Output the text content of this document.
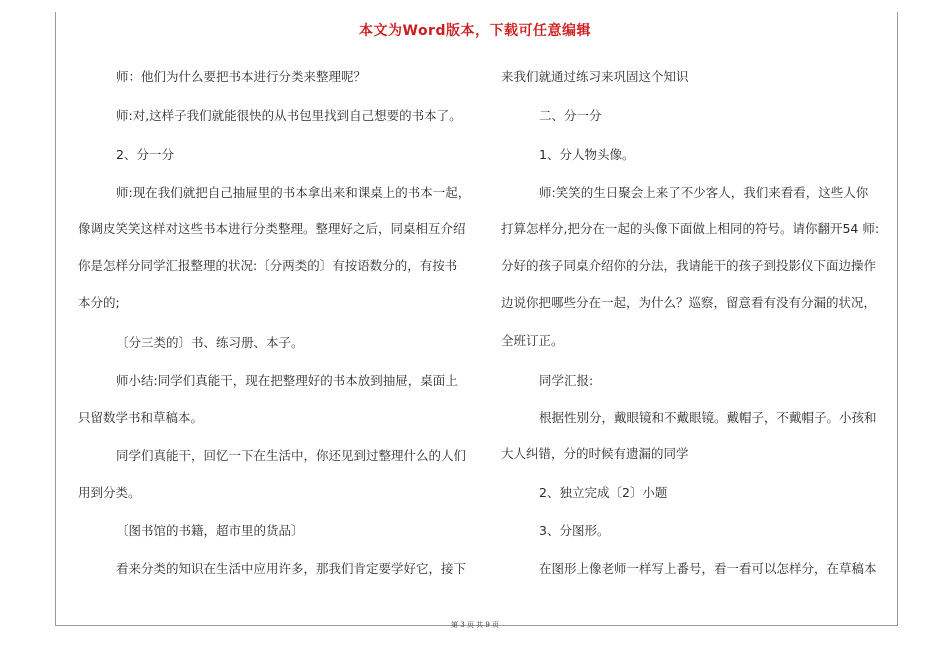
本文为Word版本，下载可任意编辑

师：他们为什么要把书本进行分类来整理呢？

师:对,这样子我们就能很快的从书包里找到自己想要的书本了。

2、分一分

师:现在我们就把自己抽屉里的书本拿出来和课桌上的书本一起，

像调皮笑笑这样对这些书本进行分类整理。整理好之后，同桌相互介绍

你是怎样分同学汇报整理的状况:〔分两类的〕有按语数分的，有按书

本分的;

〔分三类的〕书、练习册、本子。

师小结:同学们真能干，现在把整理好的书本放到抽屉，桌面上

只留数学书和草稿本。

同学们真能干，回忆一下在生活中，你还见到过整理什么的人们

用到分类。

〔图书馆的书籍，超市里的货品〕

看来分类的知识在生活中应用许多，那我们肯定要学好它，接下

来我们就通过练习来巩固这个知识

二、分一分

1、分人物头像。

师:笑笑的生日聚会上来了不少客人，我们来看看，这些人你

打算怎样分,把分在一起的头像下面做上相同的符号。请你翻开54 师:

分好的孩子同桌介绍你的分法，我请能干的孩子到投影仪下面边操作

边说你把哪些分在一起，为什么？巡察，留意看有没有分漏的状况，

全班订正。

同学汇报:

根据性别分，戴眼镜和不戴眼镜。戴帽子，不戴帽子。小孩和

大人纠错，分的时候有遗漏的同学

2、独立完成〔2〕小题

3、分图形。

在图形上像老师一样写上番号，看一看可以怎样分，在草稿本

第 3 页 共 9 页
